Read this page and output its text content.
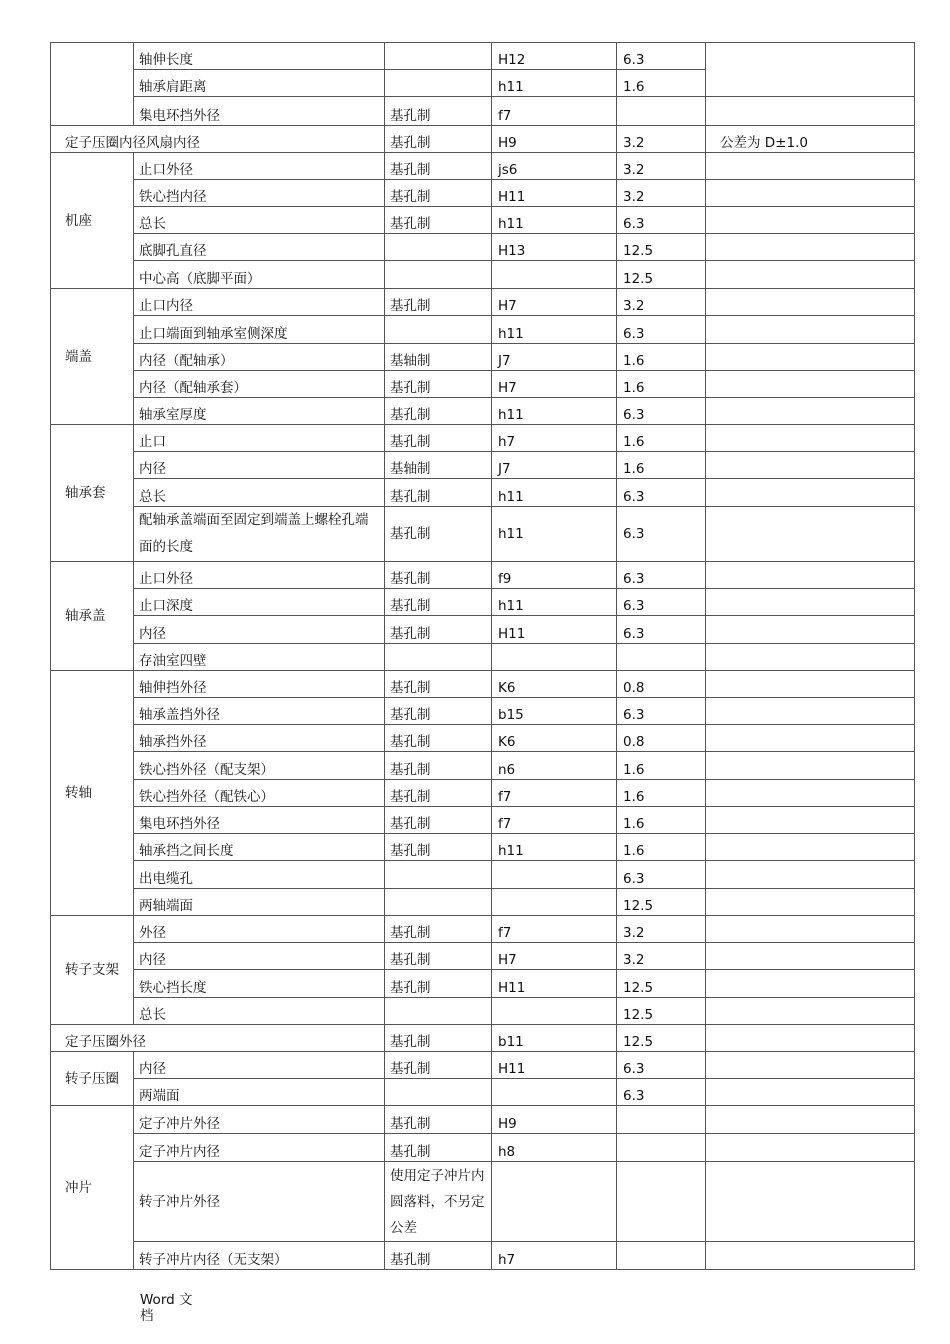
	轴伸长度		H12	6.3	
	轴承肩距离		h11	1.6	
	集电环挡外径	基孔制	f7		
定子压圈内径风扇内径		基孔制	H9	3.2	公差为 D±1.0
机座	止口外径	基孔制	js6	3.2	
	铁心挡内径	基孔制	H11	3.2	
	总长	基孔制	h11	6.3	
	底脚孔直径		H13	12.5	
	中心高（底脚平面）			12.5	
端盖	止口内径	基孔制	H7	3.2	
	止口端面到轴承室侧深度		h11	6.3	
	内径（配轴承）	基轴制	J7	1.6	
	内径（配轴承套）	基孔制	H7	1.6	
	轴承室厚度	基孔制	h11	6.3	
轴承套	止口	基孔制	h7	1.6	
	内径	基轴制	J7	1.6	
	总长	基孔制	h11	6.3	
	配轴承盖端面至固定到端盖上螺栓孔端面的长度	基孔制	h11	6.3	
轴承盖	止口外径	基孔制	f9	6.3	
	止口深度	基孔制	h11	6.3	
	内径	基孔制	H11	6.3	
	存油室四壁				
转轴	轴伸挡外径	基孔制	K6	0.8	
	轴承盖挡外径	基孔制	b15	6.3	
	轴承挡外径	基孔制	K6	0.8	
	铁心挡外径（配支架）	基孔制	n6	1.6	
	铁心挡外径（配铁心）	基孔制	f7	1.6	
	集电环挡外径	基孔制	f7	1.6	
	轴承挡之间长度	基孔制	h11	1.6	
	出电缆孔			6.3	
	两轴端面			12.5	
转子支架	外径	基孔制	f7	3.2	
	内径	基孔制	H7	3.2	
	铁心挡长度	基孔制	H11	12.5	
	总长			12.5	
定子压圈外径		基孔制	b11	12.5	
转子压圈	内径	基孔制	H11	6.3	
	两端面			6.3	
冲片	定子冲片外径	基孔制	H9		
	定子冲片内径	基孔制	h8		
	转子冲片外径	使用定子冲片内圆落料，不另定公差			
	转子冲片内径（无支架）	基孔制	h7		
Word 文档
